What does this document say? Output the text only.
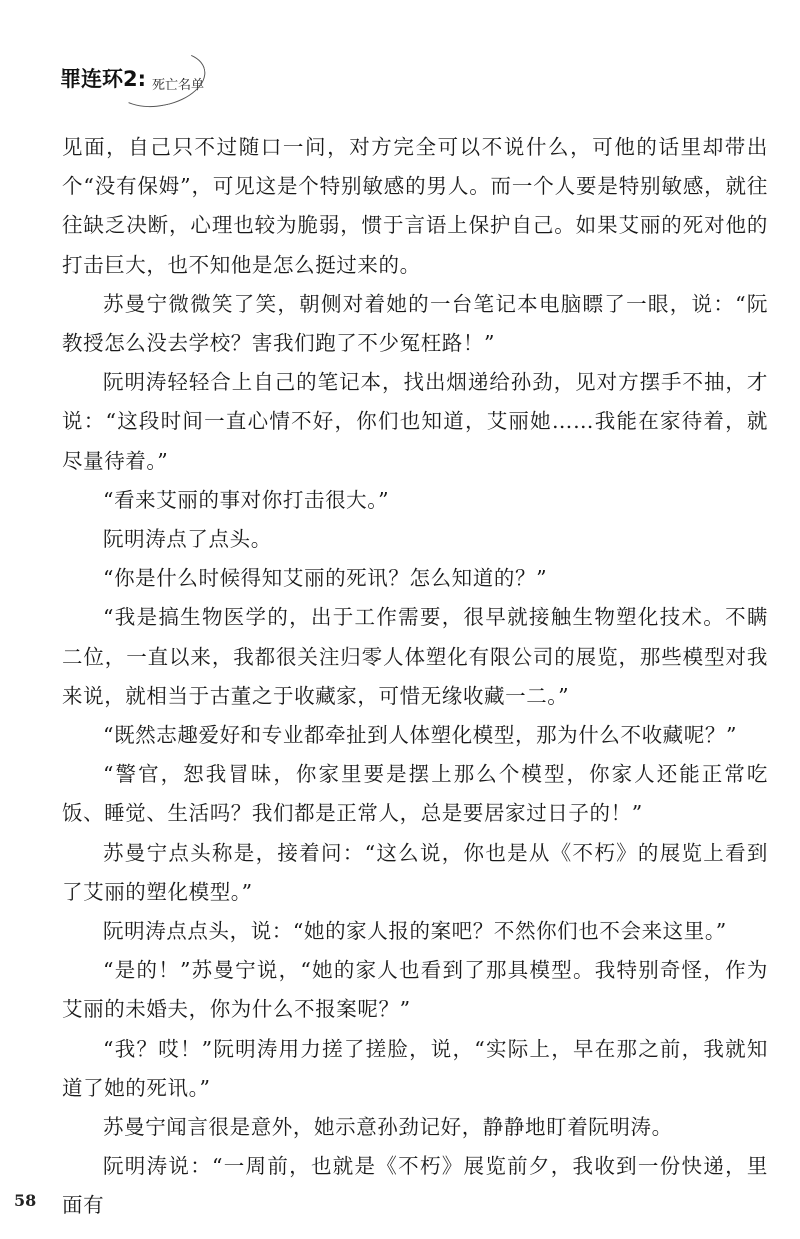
罪连环2: 死亡名单

见面，自己只不过随口一问，对方完全可以不说什么，可他的话里却带出个“没有保姆”，可见这是个特别敏感的男人。而一个人要是特别敏感，就往往缺乏决断，心理也较为脆弱，惯于言语上保护自己。如果艾丽的死对他的打击巨大，也不知他是怎么挺过来的。

苏曼宁微微笑了笑，朝侧对着她的一台笔记本电脑瞟了一眼，说：“阮教授怎么没去学校？害我们跑了不少冤枉路！”

阮明涛轻轻合上自己的笔记本，找出烟递给孙劲，见对方摆手不抽，才说：“这段时间一直心情不好，你们也知道，艾丽她……我能在家待着，就尽量待着。”

“看来艾丽的事对你打击很大。”

阮明涛点了点头。

“你是什么时候得知艾丽的死讯？怎么知道的？”

“我是搞生物医学的，出于工作需要，很早就接触生物塑化技术。不瞒二位，一直以来，我都很关注归零人体塑化有限公司的展览，那些模型对我来说，就相当于古董之于收藏家，可惜无缘收藏一二。”

“既然志趣爱好和专业都牵扯到人体塑化模型，那为什么不收藏呢？”

“警官，恕我冒昧，你家里要是摆上那么个模型，你家人还能正常吃饭、睡觉、生活吗？我们都是正常人，总是要居家过日子的！”

苏曼宁点头称是，接着问：“这么说，你也是从《不朽》的展览上看到了艾丽的塑化模型。”

阮明涛点点头，说：“她的家人报的案吧？不然你们也不会来这里。”

“是的！”苏曼宁说，“她的家人也看到了那具模型。我特别奇怪，作为艾丽的未婚夫，你为什么不报案呢？”

“我？哎！”阮明涛用力搓了搓脸，说，“实际上，早在那之前，我就知道了她的死讯。”

苏曼宁闻言很是意外，她示意孙劲记好，静静地盯着阮明涛。

阮明涛说：“一周前，也就是《不朽》展览前夕，我收到一份快递，里面有

58
